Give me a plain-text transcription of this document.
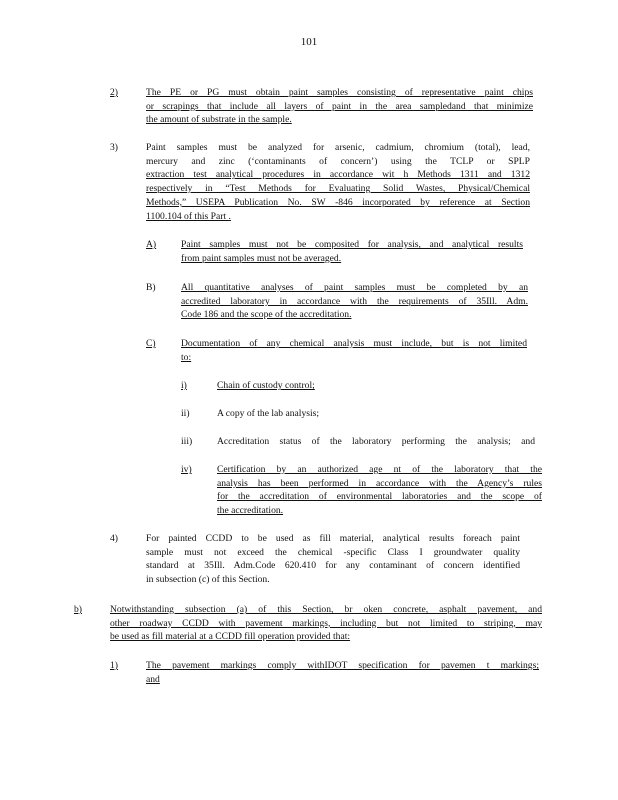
101
2)	The PE or PG must obtain paint samples consisting of representative paint chips
or scrapings that include all layers of paint in the area sampledand that minimize
the amount of substrate in the sample.
3)	Paint samples must be analyzed for arsenic, cadmium, chromium (total), lead,
mercury and zinc (‘contaminants of concern’) using the TCLP or SPLP
extraction test analytical procedures in accordance wit h Methods 1311 and 1312
respectively in “Test Methods for Evaluating Solid Wastes, Physical/Chemical
Methods,” USEPA Publication No. SW -846 incorporated by reference at Section
1100.104 of this Part .
A)	Paint samples must not be composited for analysis, and analytical results
from paint samples must not be averaged.
B)	All quantitative analyses of paint samples must be completed by an
accredited laboratory in accordance with the requirements of 35Ill. Adm.
Code 186 and the scope of the accreditation.
C)	Documentation of any chemical analysis must include, but is not limited
to:
i)	Chain of custody control;
ii)	A copy of the lab analysis;
iii)	Accreditation status of the laboratory performing the analysis; and
iv)	Certification by an authorized age nt of the laboratory that the
analysis has been performed in accordance with the Agency’s rules
for the accreditation of environmental laboratories and the scope of
the accreditation.
4)	For painted CCDD to be used as fill material, analytical results foreach paint
sample must not exceed the chemical -specific Class I groundwater quality
standard at 35Ill. Adm.Code 620.410 for any contaminant of concern identified
in subsection (c) of this Section.
b)	Notwithstanding subsection (a) of this Section, br oken concrete, asphalt pavement, and
other roadway CCDD with pavement markings, including but not limited to striping, may
be used as fill material at a CCDD fill operation provided that:
1)	The pavement markings comply withIDOT specification for pavemen t markings;
and
